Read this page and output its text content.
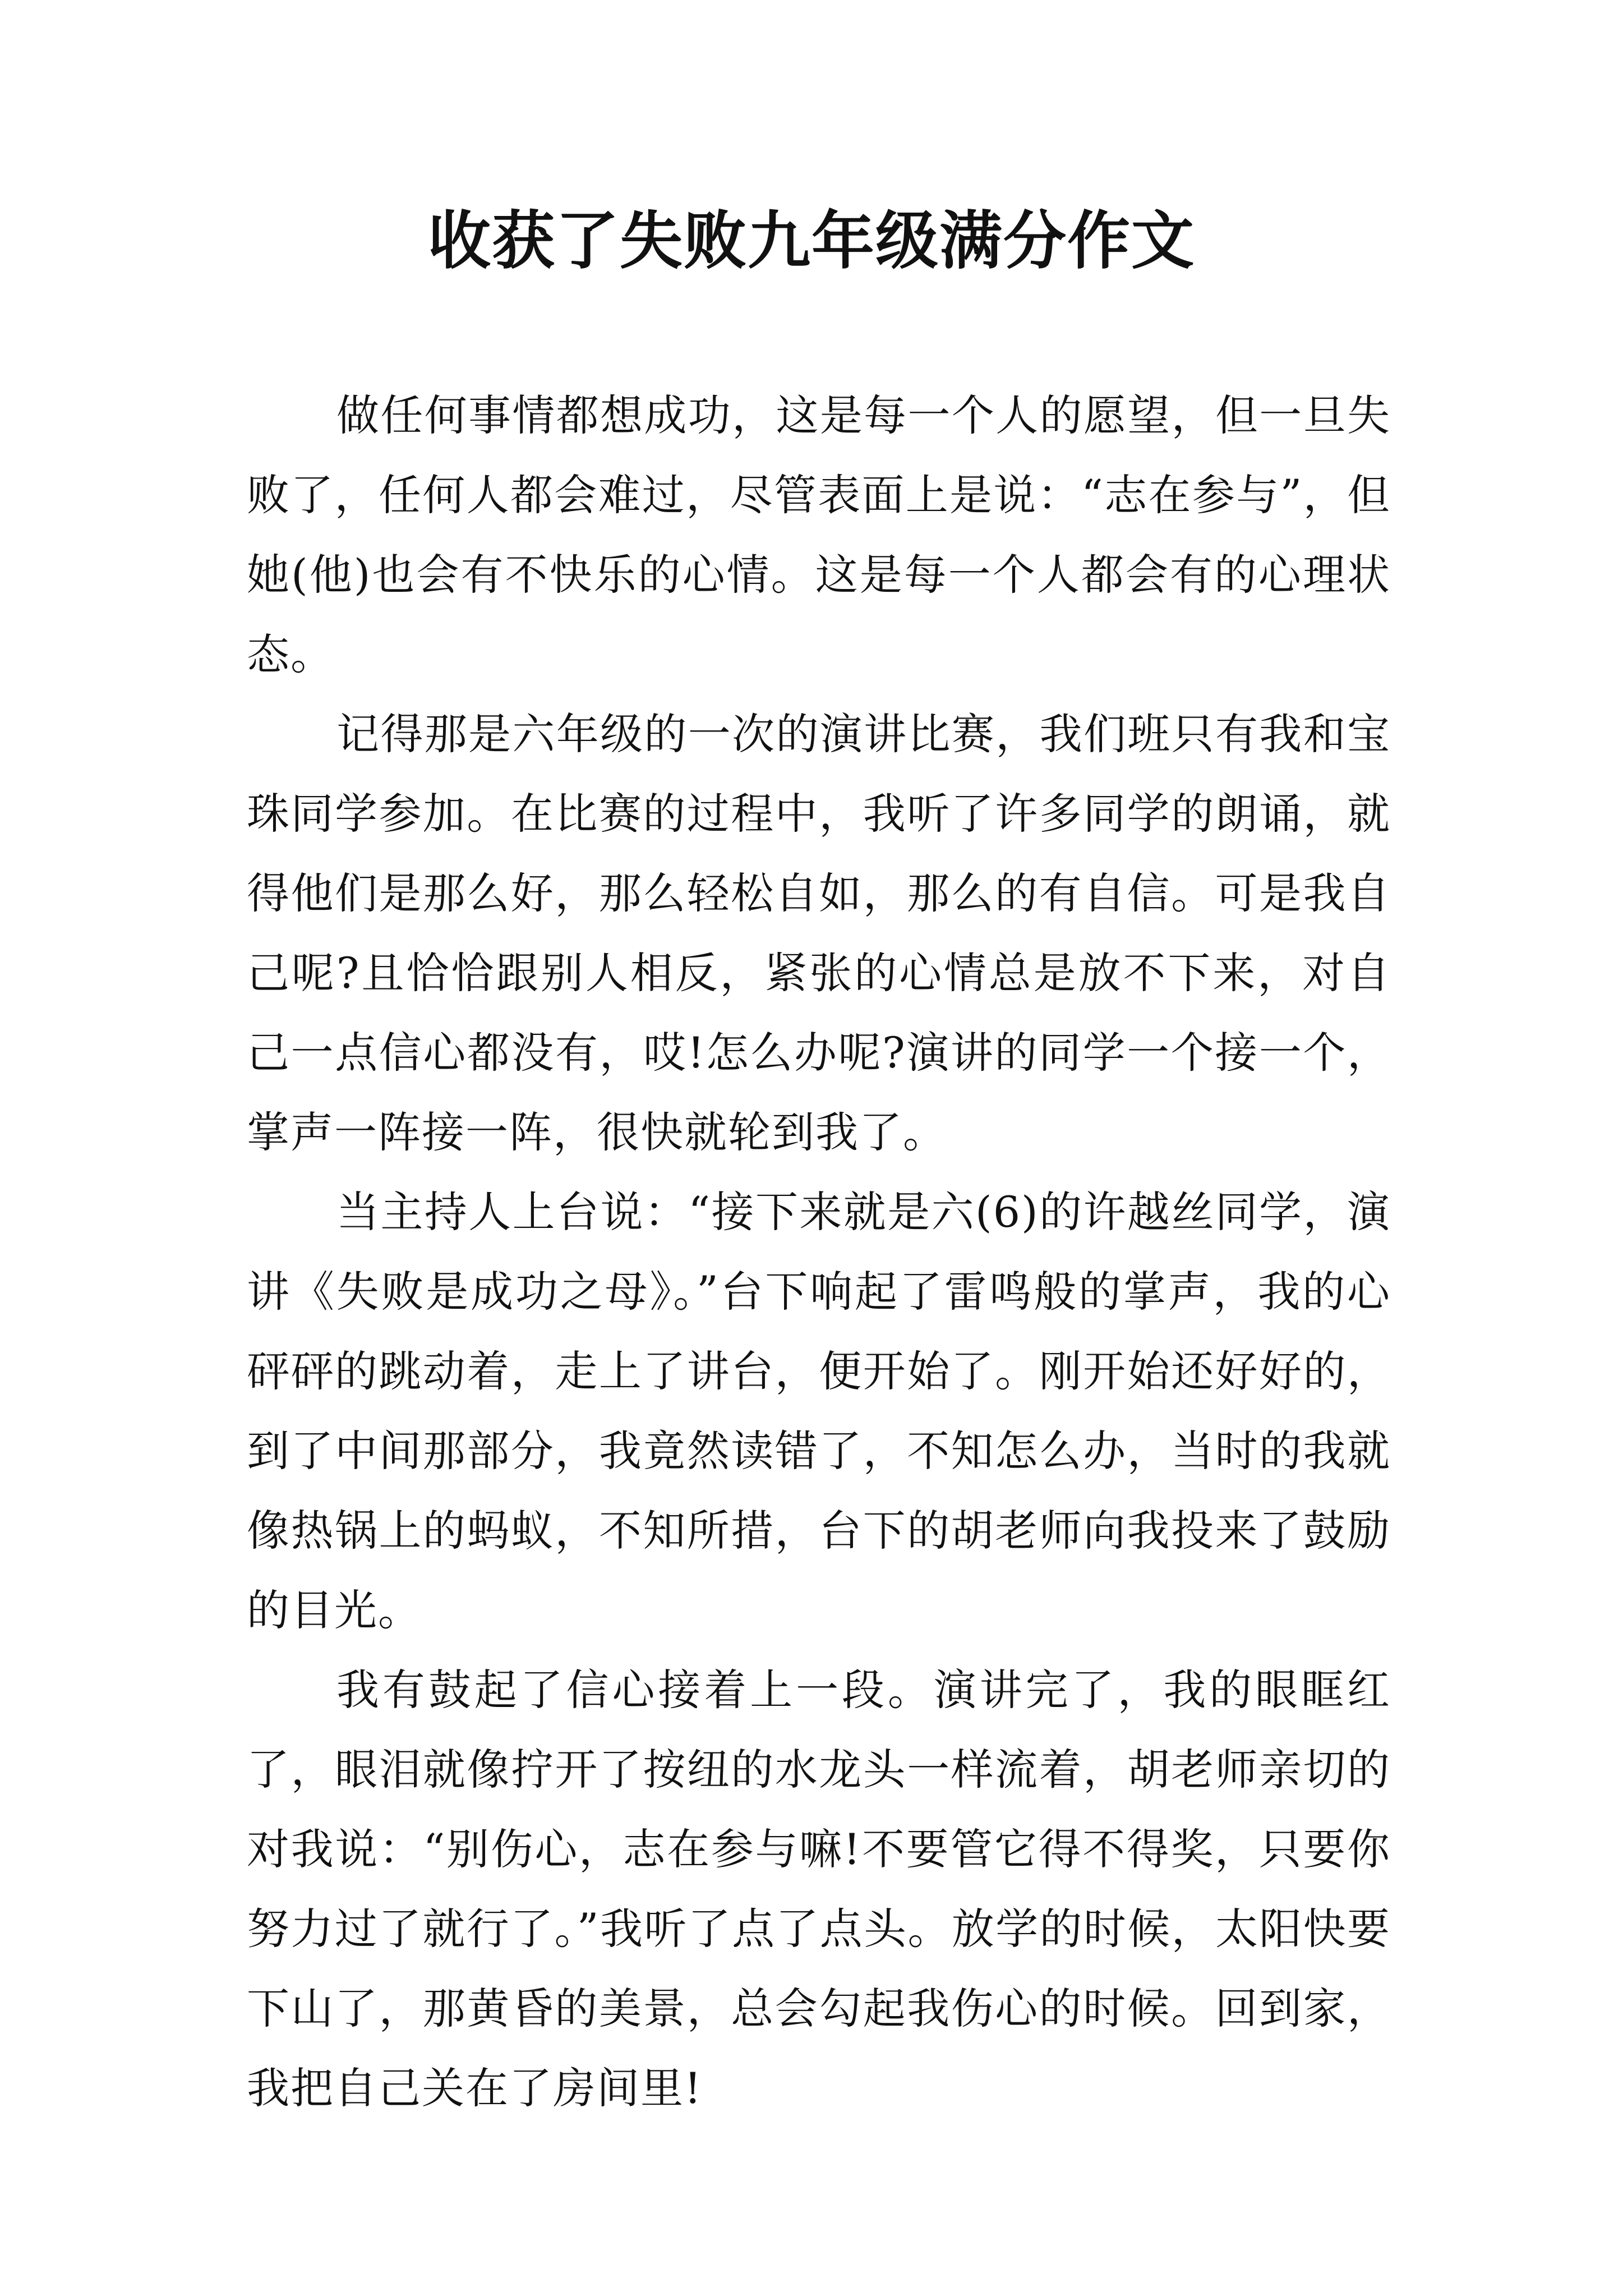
收获了失败九年级满分作文

做任何事情都想成功，这是每一个人的愿望，但一旦失败了，任何人都会难过，尽管表面上是说：“志在参与”，但她(他)也会有不快乐的心情。这是每一个人都会有的心理状态。

记得那是六年级的一次的演讲比赛，我们班只有我和宝珠同学参加。在比赛的过程中，我听了许多同学的朗诵，就得他们是那么好，那么轻松自如，那么的有自信。可是我自己呢?且恰恰跟别人相反，紧张的心情总是放不下来，对自己一点信心都没有，哎!怎么办呢?演讲的同学一个接一个，掌声一阵接一阵，很快就轮到我了。

当主持人上台说：“接下来就是六(6)的许越丝同学，演讲《失败是成功之母》。”台下响起了雷鸣般的掌声，我的心砰砰的跳动着，走上了讲台，便开始了。刚开始还好好的，到了中间那部分，我竟然读错了，不知怎么办，当时的我就像热锅上的蚂蚁，不知所措，台下的胡老师向我投来了鼓励的目光。

我有鼓起了信心接着上一段。演讲完了，我的眼眶红了，眼泪就像拧开了按纽的水龙头一样流着，胡老师亲切的对我说：“别伤心，志在参与嘛!不要管它得不得奖，只要你努力过了就行了。”我听了点了点头。放学的时候，太阳快要下山了，那黄昏的美景，总会勾起我伤心的时候。回到家，我把自己关在了房间里!
